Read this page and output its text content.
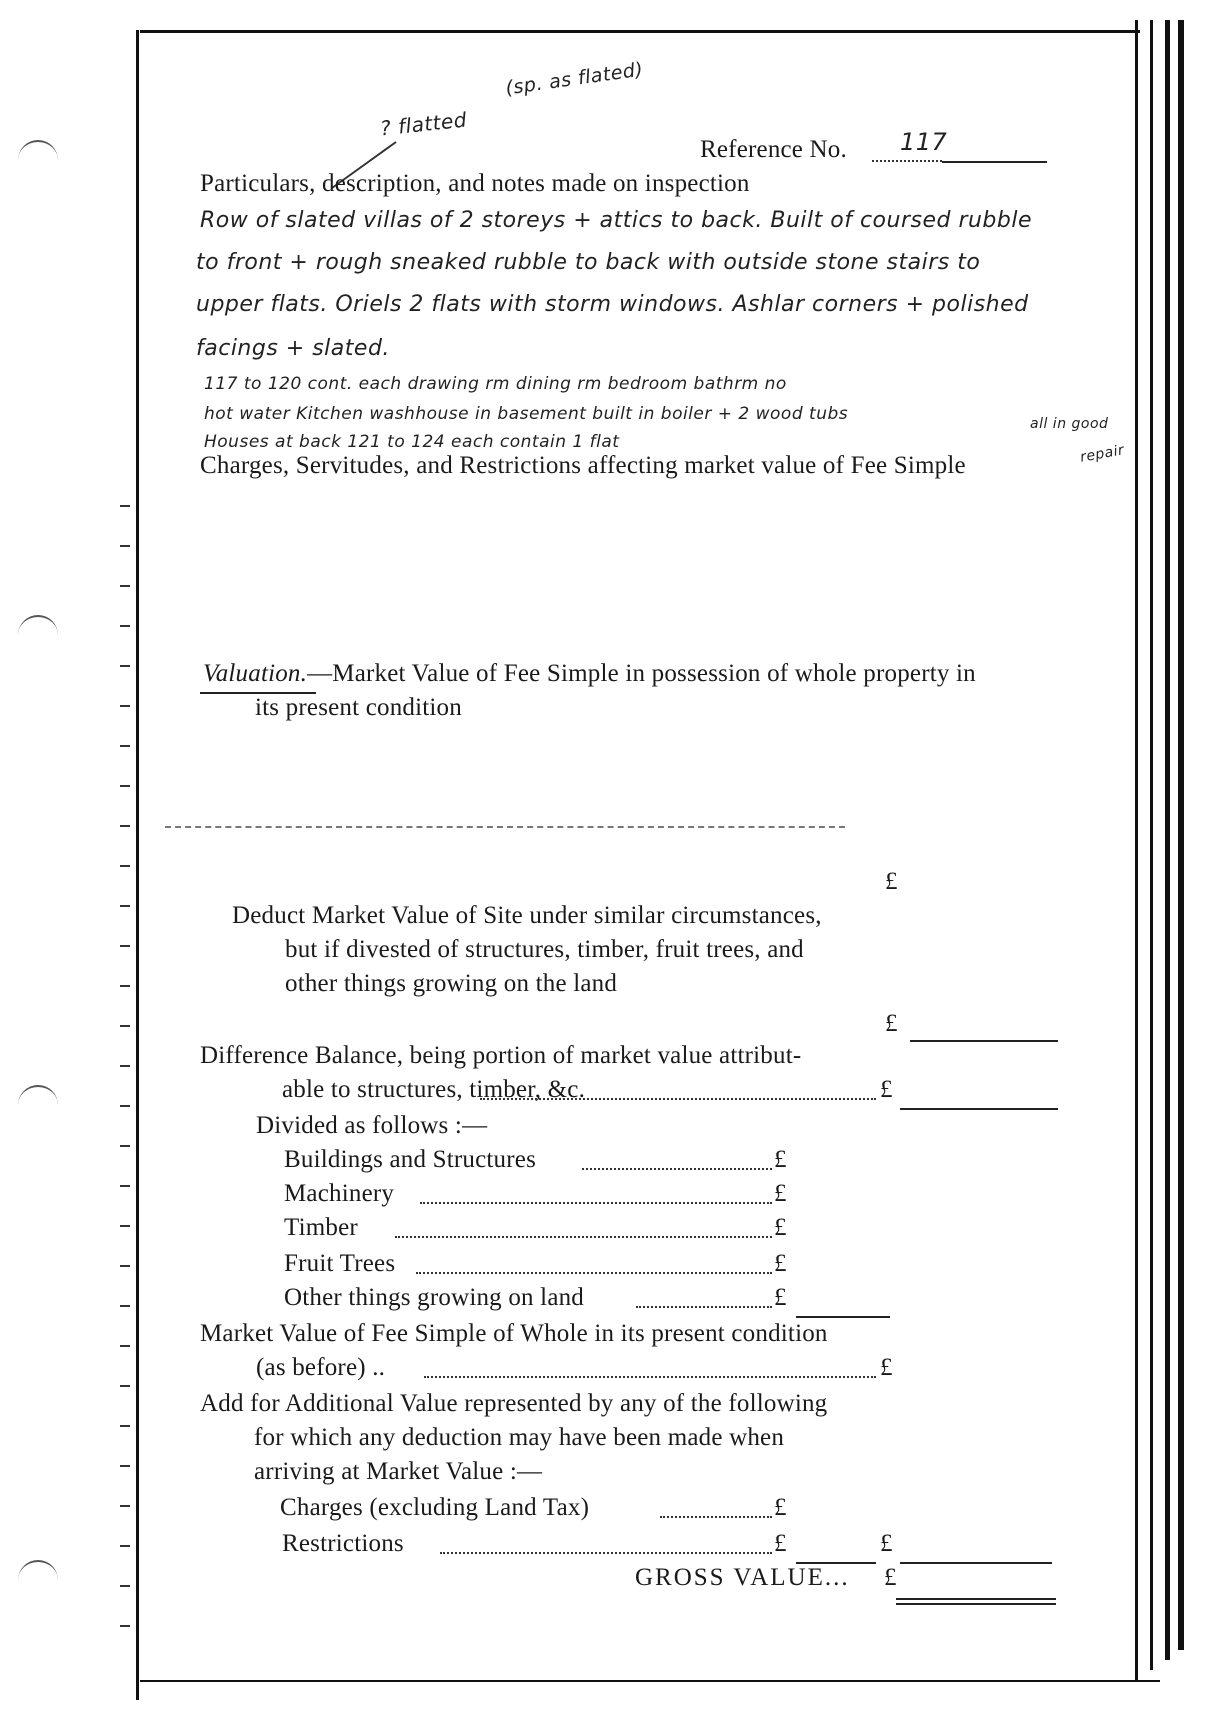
(sp. as flated)
? flatted
Reference No. 117
Particulars, description, and notes made on inspection
Row of slated villas of 2 storeys + attics to back. Built of coursed rubble
to front + rough sneaked rubble to back with outside stone stairs to
upper flats. Oriels 2 flats with storm windows. Ashlar corners + polished
facings + slated.
117 to 120 cont. each drawing rm dining rm bedroom bathrm no
hot water Kitchen washhouse in basement built in boiler + 2 wood tubs
Houses at back 121 to 124 each contain 1 flat
all in good
repair
Charges, Servitudes, and Restrictions affecting market value of Fee Simple
Valuation.—Market Value of Fee Simple in possession of whole property in
its present condition
£
Deduct Market Value of Site under similar circumstances,
but if divested of structures, timber, fruit trees, and
other things growing on the land
£
Difference Balance, being portion of market value attribut-
able to structures, timber, &c.	£
Divided as follows :—
Buildings and Structures	£
Machinery	£
Timber	£
Fruit Trees	£
Other things growing on land	£
Market Value of Fee Simple of Whole in its present condition
(as before) ..	£
Add for Additional Value represented by any of the following
for which any deduction may have been made when
arriving at Market Value :—
Charges (excluding Land Tax)	£
Restrictions	£	£
GROSS VALUE... £
